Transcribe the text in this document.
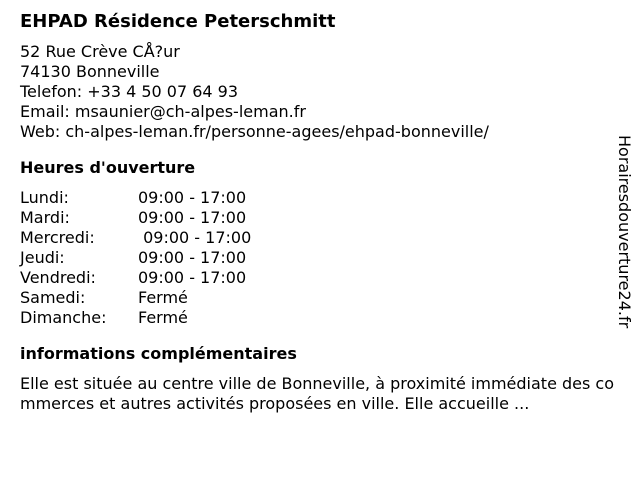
EHPAD Résidence Peterschmitt
52 Rue Crève CÅ?ur
74130 Bonneville
Telefon: +33 4 50 07 64 93
Email: msaunier@ch-alpes-leman.fr
Web: ch-alpes-leman.fr/personne-agees/ehpad-bonneville/
Heures d'ouverture
Lundi:	09:00 - 17:00
Mardi:	09:00 - 17:00
Mercredi:	09:00 - 17:00
Jeudi:	09:00 - 17:00
Vendredi:	09:00 - 17:00
Samedi:	Fermé
Dimanche:	Fermé
informations complémentaires
Elle est située au centre ville de Bonneville, à proximité immédiate des commerces et autres activités proposées en ville. Elle accueille ...
Horairesdouverture24.fr
